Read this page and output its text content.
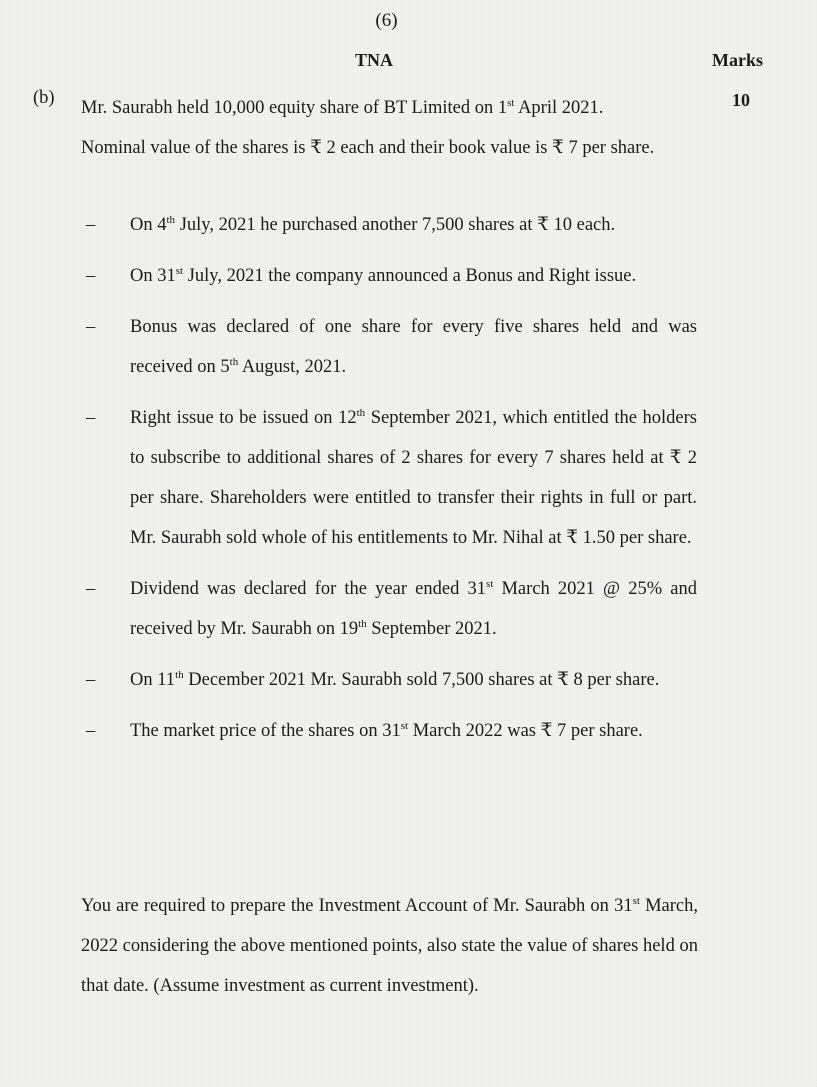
(6)
TNA	Marks
(b)	10

Mr. Saurabh held 10,000 equity share of BT Limited on 1st April 2021.
Nominal value of the shares is ₹ 2 each and their book value is ₹ 7 per share.

– On 4th July, 2021 he purchased another 7,500 shares at ₹ 10 each.
– On 31st July, 2021 the company announced a Bonus and Right issue.
– Bonus was declared of one share for every five shares held and was received on 5th August, 2021.
– Right issue to be issued on 12th September 2021, which entitled the holders to subscribe to additional shares of 2 shares for every 7 shares held at ₹ 2 per share. Shareholders were entitled to transfer their rights in full or part. Mr. Saurabh sold whole of his entitlements to Mr. Nihal at ₹ 1.50 per share.
– Dividend was declared for the year ended 31st March 2021 @ 25% and received by Mr. Saurabh on 19th September 2021.
– On 11th December 2021 Mr. Saurabh sold 7,500 shares at ₹ 8 per share.
– The market price of the shares on 31st March 2022 was ₹ 7 per share.

You are required to prepare the Investment Account of Mr. Saurabh on 31st March, 2022 considering the above mentioned points, also state the value of shares held on that date. (Assume investment as current investment).
